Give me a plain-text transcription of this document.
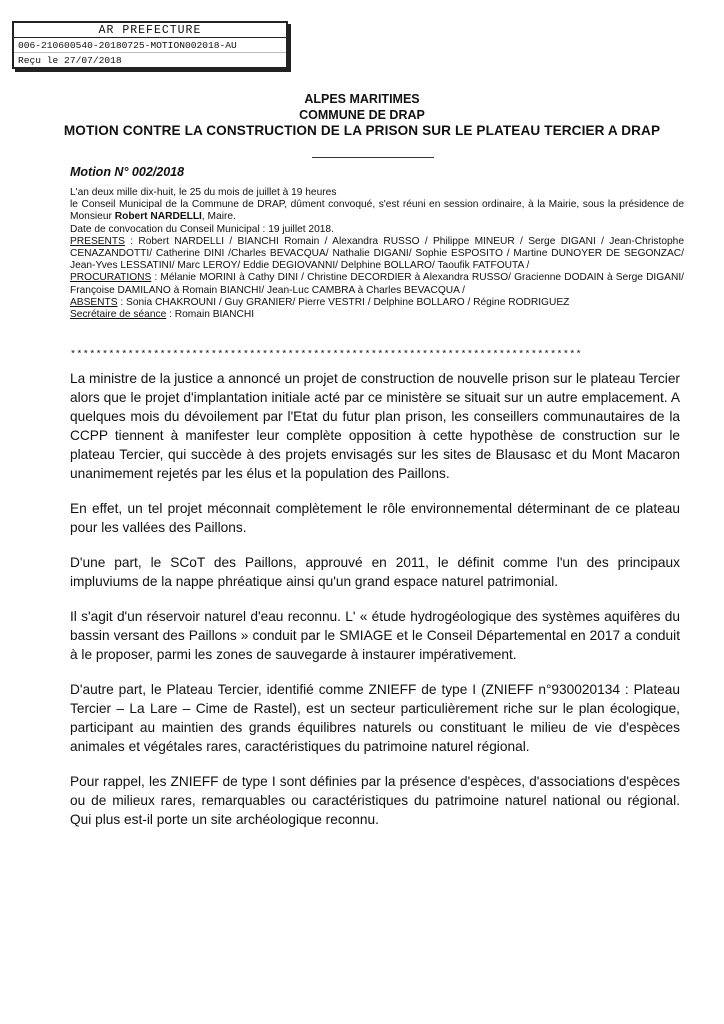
AR PREFECTURE
006-210600540-20180725-MOTION002018-AU
Reçu le 27/07/2018
ALPES MARITIMES
COMMUNE DE DRAP
MOTION CONTRE LA CONSTRUCTION DE LA PRISON SUR LE PLATEAU TERCIER A DRAP
Motion N° 002/2018

L'an deux mille dix-huit, le 25 du mois de juillet à 19 heures

le Conseil Municipal de la Commune de DRAP, dûment convoqué, s'est réuni en session ordinaire, à la Mairie, sous la présidence de Monsieur Robert NARDELLI, Maire.

Date de convocation du Conseil Municipal : 19 juillet 2018.

PRESENTS : Robert NARDELLI / BIANCHI Romain / Alexandra RUSSO / Philippe MINEUR / Serge DIGANI / Jean-Christophe CENAZANDOTTI/ Catherine DINI /Charles BEVACQUA/ Nathalie DIGANI/ Sophie ESPOSITO / Martine DUNOYER DE SEGONZAC/ Jean-Yves LESSATINI/ Marc LEROY/ Eddie DEGIOVANNI/ Delphine BOLLARO/ Taoufik FATFOUTA /

PROCURATIONS : Mélanie MORINI à Cathy DINI / Christine DECORDIER à Alexandra RUSSO/ Gracienne DODAIN à Serge DIGANI/ Françoise DAMILANO à Romain BIANCHI/ Jean-Luc CAMBRA à Charles BEVACQUA /

ABSENTS : Sonia CHAKROUNI / Guy GRANIER/ Pierre VESTRI / Delphine BOLLARO / Régine RODRIGUEZ

Secrétaire de séance : Romain BIANCHI

********************************************************************************

La ministre de la justice a annoncé un projet de construction de nouvelle prison sur le plateau Tercier alors que le projet d'implantation initiale acté par ce ministère se situait sur un autre emplacement. A quelques mois du dévoilement par l'Etat du futur plan prison, les conseillers communautaires de la CCPP tiennent à manifester leur complète opposition à cette hypothèse de construction sur le plateau Tercier, qui succède à des projets envisagés sur les sites de Blausasc et du Mont Macaron unanimement rejetés par les élus et la population des Paillons.

En effet, un tel projet méconnait complètement le rôle environnemental déterminant de ce plateau pour les vallées des Paillons.

D'une part, le SCoT des Paillons, approuvé en 2011, le définit comme l'un des principaux impluviums de la nappe phréatique ainsi qu'un grand espace naturel patrimonial.

Il s'agit d'un réservoir naturel d'eau reconnu. L' « étude hydrogéologique des systèmes aquifères du bassin versant des Paillons » conduit par le SMIAGE et le Conseil Départemental en 2017 a conduit à le proposer, parmi les zones de sauvegarde à instaurer impérativement.

D'autre part, le Plateau Tercier, identifié comme ZNIEFF de type I (ZNIEFF n°930020134 : Plateau Tercier – La Lare – Cime de Rastel), est un secteur particulièrement riche sur le plan écologique, participant au maintien des grands équilibres naturels ou constituant le milieu de vie d'espèces animales et végétales rares, caractéristiques du patrimoine naturel régional.

Pour rappel, les ZNIEFF de type I sont définies par la présence d'espèces, d'associations d'espèces ou de milieux rares, remarquables ou caractéristiques du patrimoine naturel national ou régional. Qui plus est-il porte un site archéologique reconnu.
